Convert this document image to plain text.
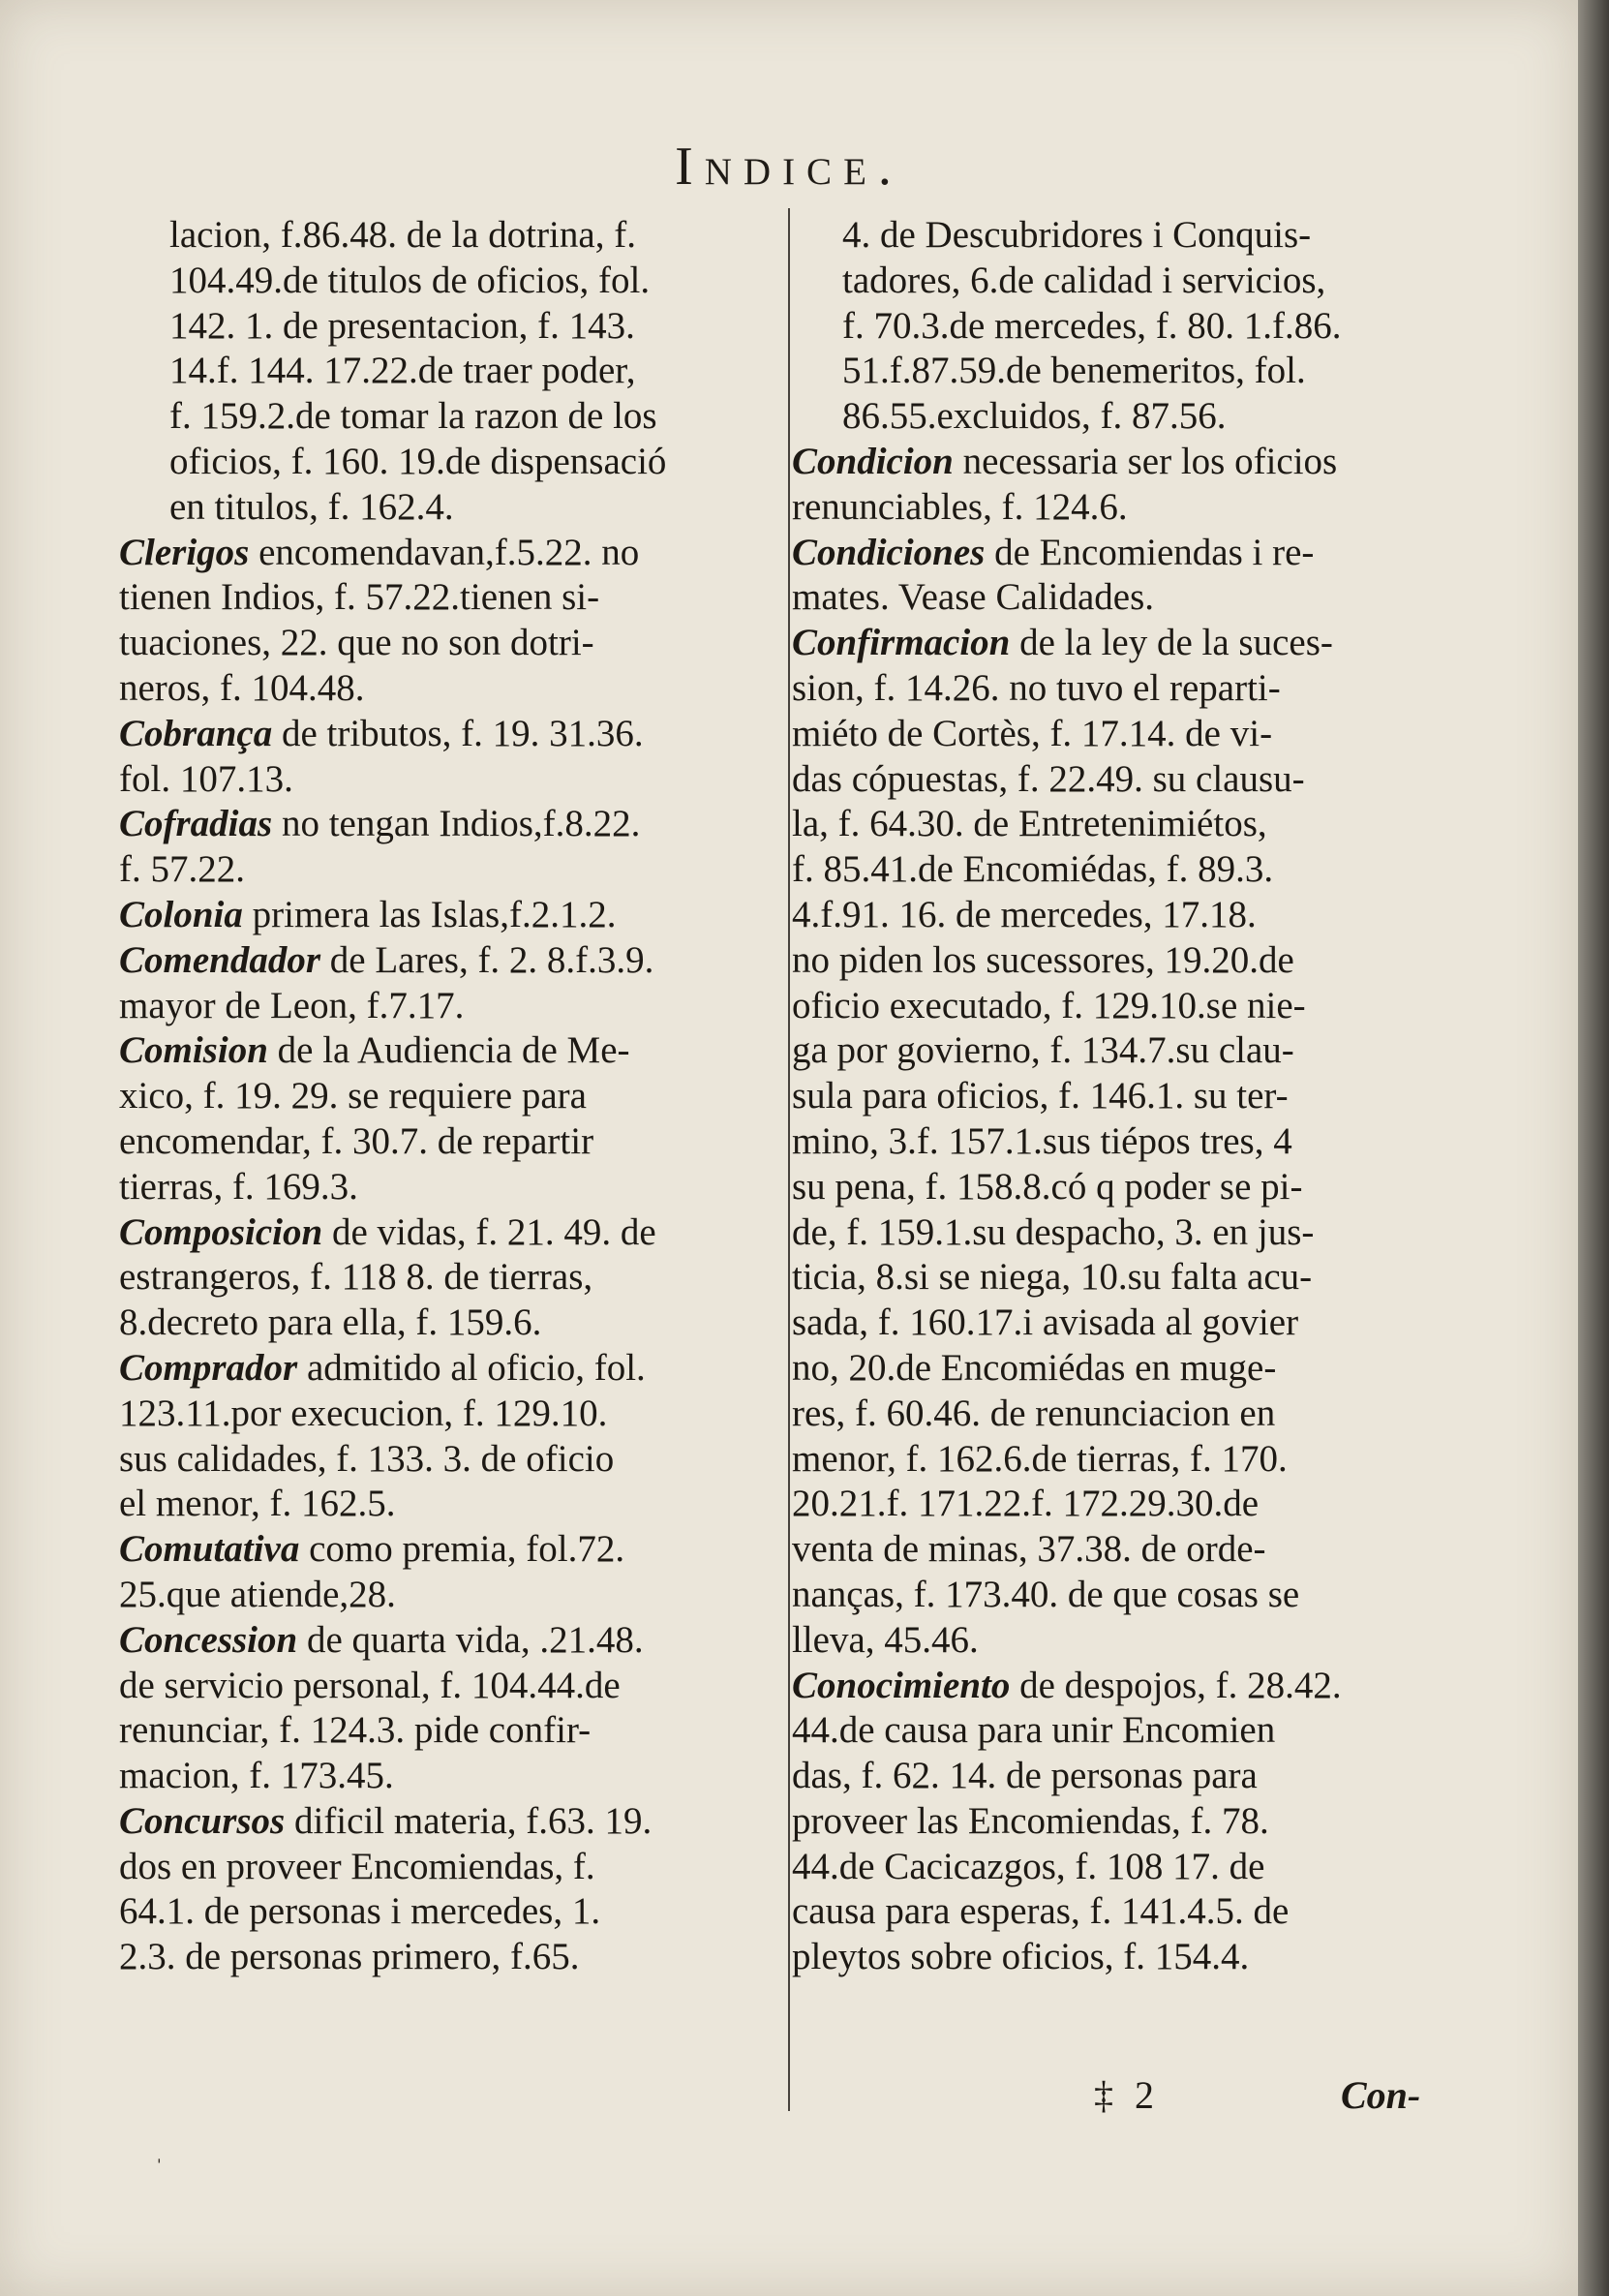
Indice.
lacion, f.86.48. de la dotrina, f.
104.49.de titulos de oficios, fol.
142. 1. de presentacion, f. 143.
14.f. 144. 17.22.de traer poder,
f. 159.2.de tomar la razon de los
oficios, f. 160. 19.de dispensació
en titulos, f. 162.4.
Clerigos encomendavan,f.5.22. no
tienen Indios, f. 57.22.tienen si-
tuaciones, 22. que no son dotri-
neros, f. 104.48.
Cobrança de tributos, f. 19. 31.36.
fol. 107.13.
Cofradias no tengan Indios,f.8.22.
f. 57.22.
Colonia primera las Islas,f.2.1.2.
Comendador de Lares, f. 2. 8.f.3.9.
mayor de Leon, f.7.17.
Comision de la Audiencia de Me-
xico, f. 19. 29. se requiere para
encomendar, f. 30.7. de repartir
tierras, f. 169.3.
Composicion de vidas, f. 21. 49. de
estrangeros, f. 118 8. de tierras,
8.decreto para ella, f. 159.6.
Comprador admitido al oficio, fol.
123.11.por execucion, f. 129.10.
sus calidades, f. 133. 3. de oficio
el menor, f. 162.5.
Comutativa como premia, fol.72.
25.que atiende,28.
Concession de quarta vida, .21.48.
de servicio personal, f. 104.44.de
renunciar, f. 124.3. pide confir-
macion, f. 173.45.
Concursos dificil materia, f.63. 19.
dos en proveer Encomiendas, f.
64.1. de personas i mercedes, 1.
2.3. de personas primero, f.65.
4. de Descubridores i Conquis-
tadores, 6.de calidad i servicios,
f. 70.3.de mercedes, f. 80. 1.f.86.
51.f.87.59.de benemeritos, fol.
86.55.excluidos, f. 87.56.
Condicion necessaria ser los oficios
renunciables, f. 124.6.
Condiciones de Encomiendas i re-
mates. Vease Calidades.
Confirmacion de la ley de la suces-
sion, f. 14.26. no tuvo el reparti-
miéto de Cortès, f. 17.14. de vi-
das cópuestas, f. 22.49. su clausu-
la, f. 64.30. de Entretenimiétos,
f. 85.41.de Encomiédas, f. 89.3.
4.f.91. 16. de mercedes, 17.18.
no piden los sucessores, 19.20.de
oficio executado, f. 129.10.se nie-
ga por govierno, f. 134.7.su clau-
sula para oficios, f. 146.1. su ter-
mino, 3.f. 157.1.sus tiépos tres, 4
su pena, f. 158.8.có q poder se pi-
de, f. 159.1.su despacho, 3. en jus-
ticia, 8.si se niega, 10.su falta acu-
sada, f. 160.17.i avisada al govier
no, 20.de Encomiédas en muge-
res, f. 60.46. de renunciacion en
menor, f. 162.6.de tierras, f. 170.
20.21.f. 171.22.f. 172.29.30.de
venta de minas, 37.38. de orde-
nanças, f. 173.40. de que cosas se
lleva, 45.46.
Conocimiento de despojos, f. 28.42.
44.de causa para unir Encomien
das, f. 62. 14. de personas para
proveer las Encomiendas, f. 78.
44.de Cacicazgos, f. 108 17. de
causa para esperas, f. 141.4.5. de
pleytos sobre oficios, f. 154.4.
‡ 2	Con-
ˌ
